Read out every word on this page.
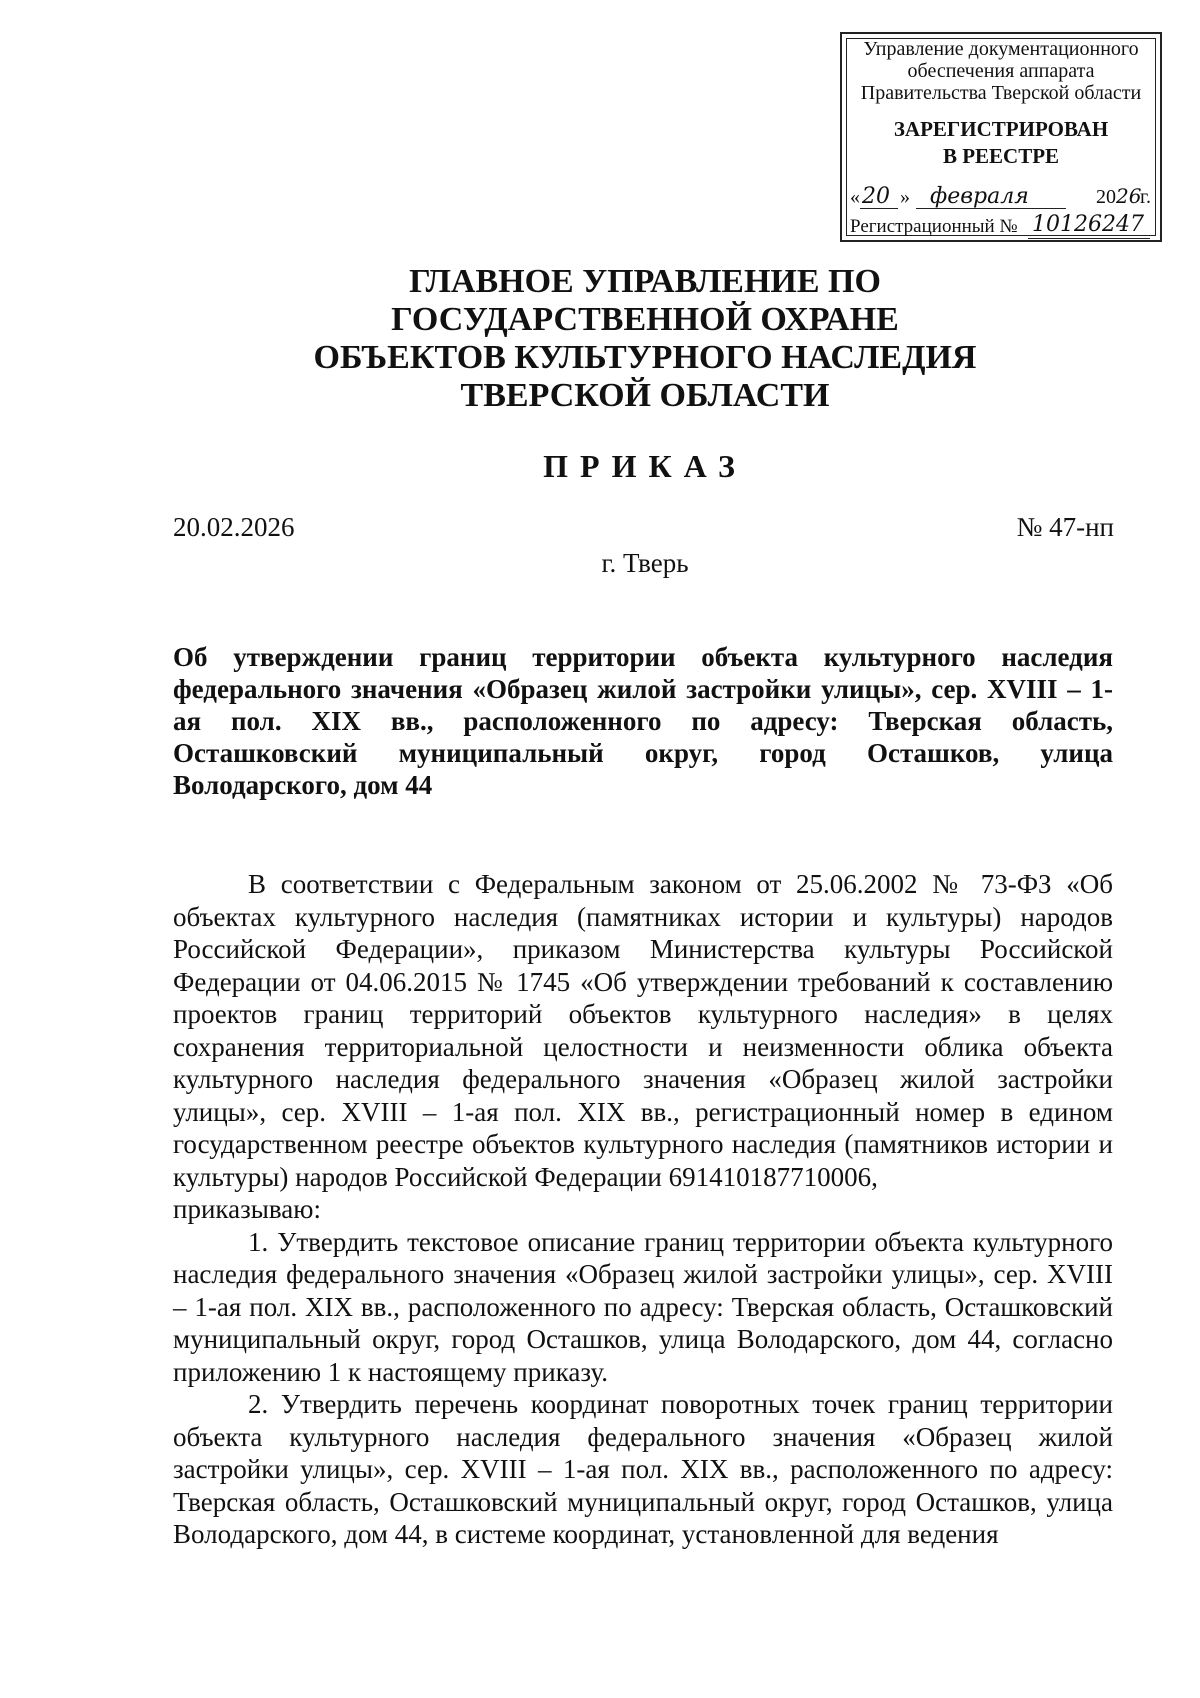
Управление документационного
обеспечения аппарата
Правительства Тверской области
ЗАРЕГИСТРИРОВАН
В РЕЕСТРЕ
« 20 » февраля	20 26
г.
Регистрационный № 10126247
ГЛАВНОЕ УПРАВЛЕНИЕ ПО
ГОСУДАРСТВЕННОЙ ОХРАНЕ
ОБЪЕКТОВ КУЛЬТУРНОГО НАСЛЕДИЯ
ТВЕРСКОЙ ОБЛАСТИ
ПРИКАЗ
20.02.2026	№ 47-нп
г. Тверь
Об утверждении границ территории объекта культурного наследия федерального значения «Образец жилой застройки улицы», сер. XVIII – 1-ая пол. XIX вв., расположенного по адресу: Тверская область, Осташковский муниципальный округ, город Осташков, улица Володарского, дом 44

В соответствии с Федеральным законом от 25.06.2002 № 73-ФЗ «Об объектах культурного наследия (памятниках истории и культуры) народов Российской Федерации», приказом Министерства культуры Российской Федерации от 04.06.2015 № 1745 «Об утверждении требований к составлению проектов границ территорий объектов культурного наследия» в целях сохранения территориальной целостности и неизменности облика объекта культурного наследия федерального значения «Образец жилой застройки улицы», сер. XVIII – 1-ая пол. XIX вв., регистрационный номер в едином государственном реестре объектов культурного наследия (памятников истории и культуры) народов Российской Федерации 691410187710006,

приказываю:

1. Утвердить текстовое описание границ территории объекта культурного наследия федерального значения «Образец жилой застройки улицы», сер. XVIII – 1-ая пол. XIX вв., расположенного по адресу: Тверская область, Осташковский муниципальный округ, город Осташков, улица Володарского, дом 44, согласно приложению 1 к настоящему приказу.

2. Утвердить перечень координат поворотных точек границ территории объекта культурного наследия федерального значения «Образец жилой застройки улицы», сер. XVIII – 1-ая пол. XIX вв., расположенного по адресу: Тверская область, Осташковский муниципальный округ, город Осташков, улица Володарского, дом 44, в системе координат, установленной для ведения
